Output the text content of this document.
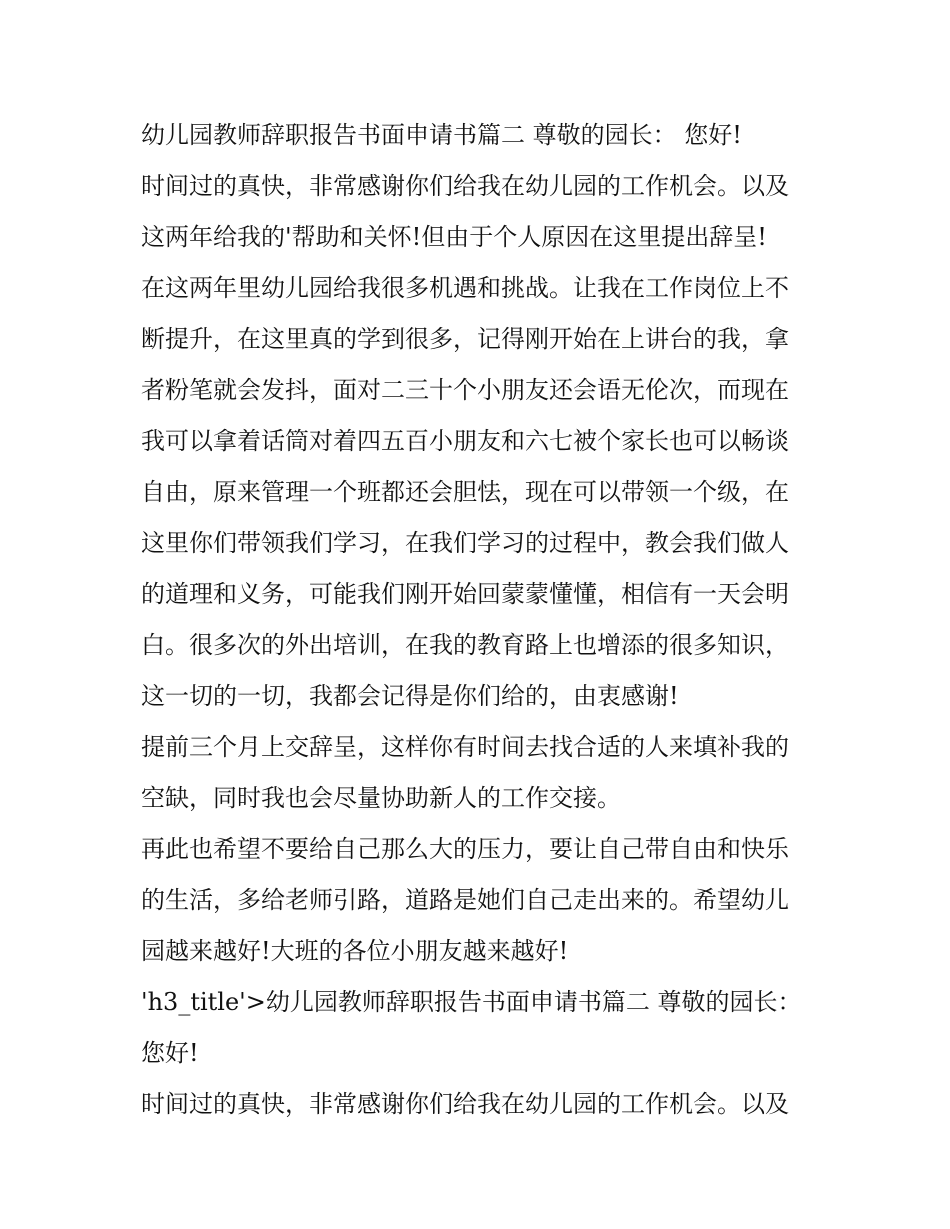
幼儿园教师辞职报告书面申请书篇二 尊敬的园长： 您好!
时间过的真快，非常感谢你们给我在幼儿园的工作机会。以及
这两年给我的'帮助和关怀!但由于个人原因在这里提出辞呈!
在这两年里幼儿园给我很多机遇和挑战。让我在工作岗位上不
断提升，在这里真的学到很多，记得刚开始在上讲台的我，拿
者粉笔就会发抖，面对二三十个小朋友还会语无伦次，而现在
我可以拿着话筒对着四五百小朋友和六七被个家长也可以畅谈
自由，原来管理一个班都还会胆怯，现在可以带领一个级，在
这里你们带领我们学习，在我们学习的过程中，教会我们做人
的道理和义务，可能我们刚开始回蒙蒙懂懂，相信有一天会明
白。很多次的外出培训，在我的教育路上也增添的很多知识，
这一切的一切，我都会记得是你们给的，由衷感谢!
提前三个月上交辞呈，这样你有时间去找合适的人来填补我的
空缺，同时我也会尽量协助新人的工作交接。
再此也希望不要给自己那么大的压力，要让自己带自由和快乐
的生活，多给老师引路，道路是她们自己走出来的。希望幼儿
园越来越好!大班的各位小朋友越来越好!
'h3_title'>幼儿园教师辞职报告书面申请书篇二 尊敬的园长：
您好!
时间过的真快，非常感谢你们给我在幼儿园的工作机会。以及
